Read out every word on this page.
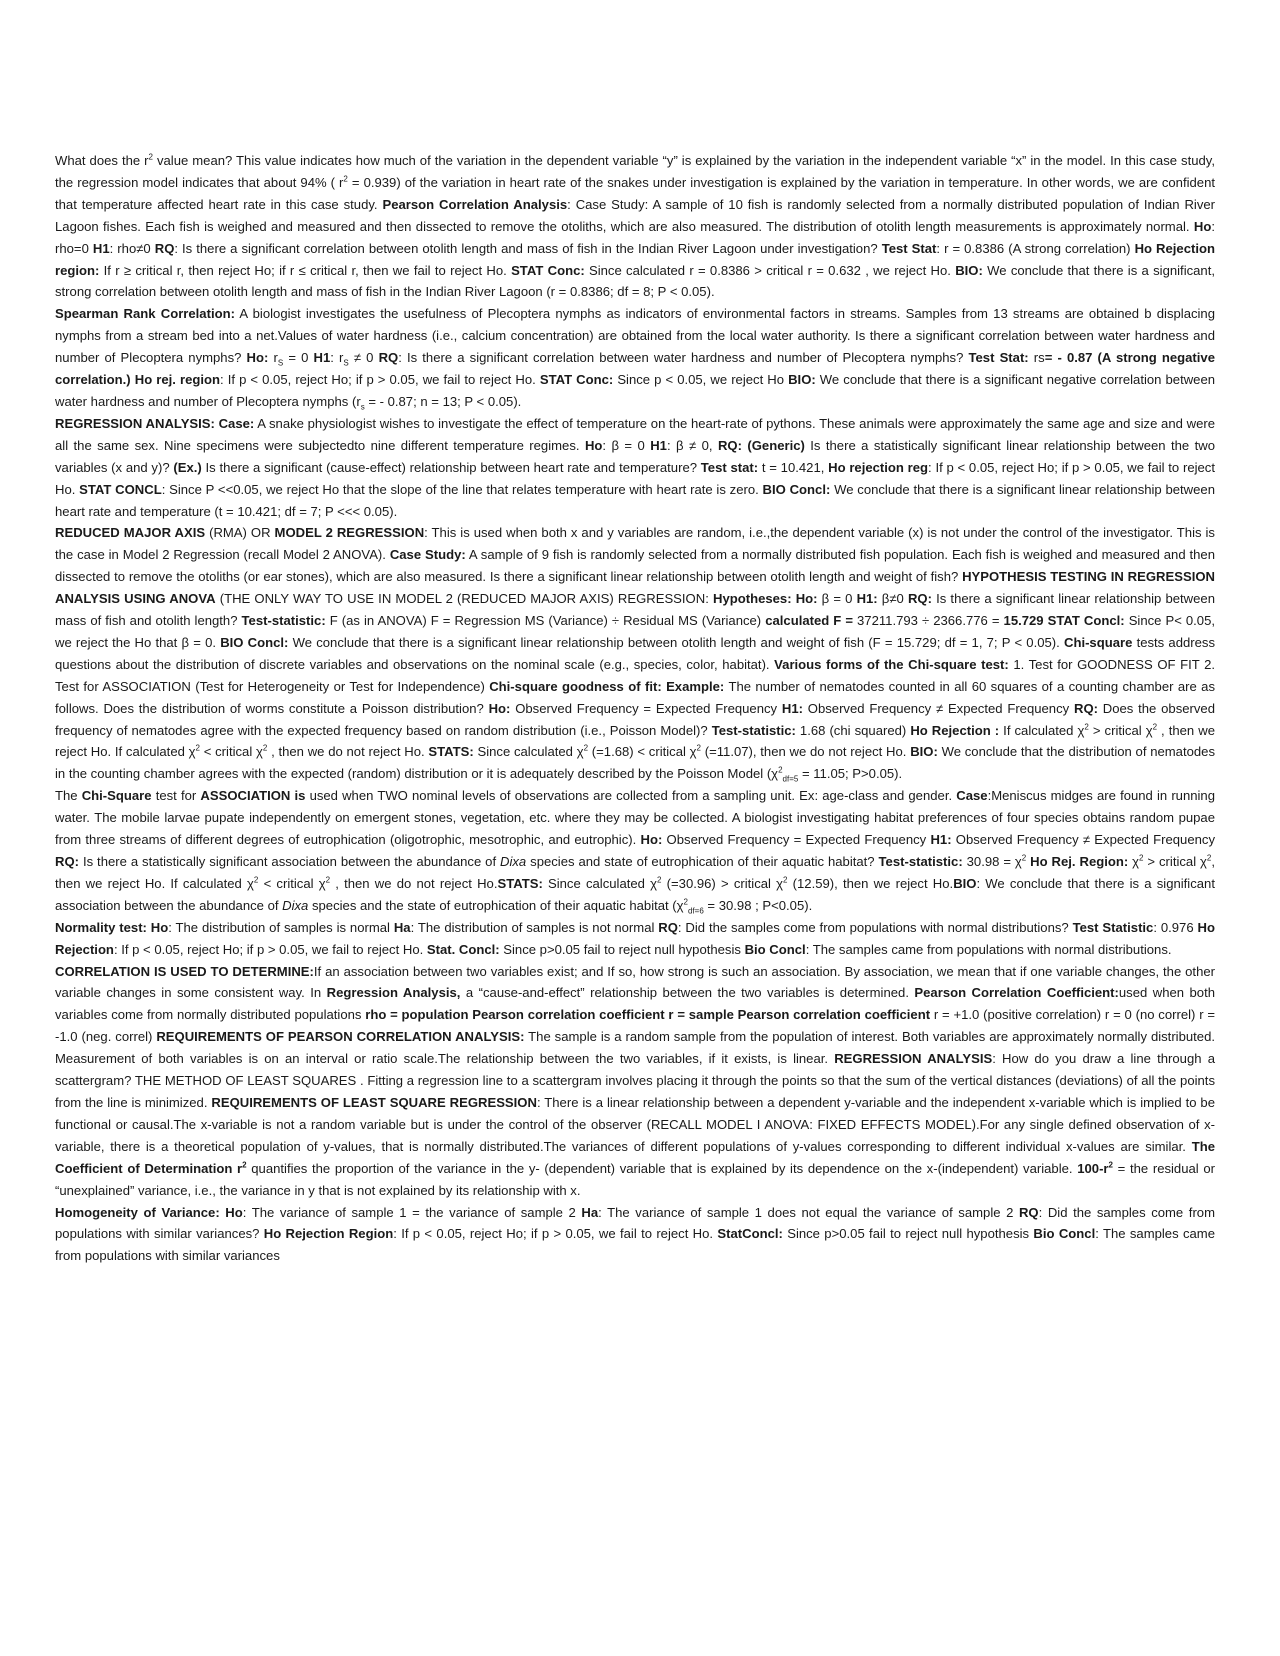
What does the $r^2$ value mean? This value indicates how much of the variation in the dependent variable “y” is explained by the variation in the independent variable “x” in the model. In this case study, the regression model indicates that about 94% ( $r^2 = 0.939$) of the variation in heart rate of the snakes under investigation is explained by the variation in temperature. In other words, we are confident that temperature affected heart rate in this case study. Pearson Correlation Analysis: Case Study: A sample of 10 fish is randomly selected from a normally distributed population of Indian River Lagoon fishes. Each fish is weighed and measured and then dissected to remove the otoliths, which are also measured. The distribution of otolith length measurements is approximately normal. Ho: rho=0 H1: rho≠0 RQ: Is there a significant correlation between otolith length and mass of fish in the Indian River Lagoon under investigation? Test Stat: r = 0.8386 (A strong correlation) Ho Rejection region: If r ≥ critical r, then reject Ho; if r ≤ critical r, then we fail to reject Ho. STAT Conc: Since calculated r = 0.8386 > critical r = 0.632 , we reject Ho. BIO: We conclude that there is a significant, strong correlation between otolith length and mass of fish in the Indian River Lagoon (r = 0.8386; df = 8; P < 0.05).

Spearman Rank Correlation: A biologist investigates the usefulness of Plecoptera nymphs as indicators of environmental factors in streams. Samples from 13 streams are obtained b displacing nymphs from a stream bed into a net.Values of water hardness (i.e., calcium concentration) are obtained from the local water authority. Is there a significant correlation between water hardness and number of Plecoptera nymphs? Ho: $r_S = 0$ H1: $r_S \ne 0$ RQ: Is there a significant correlation between water hardness and number of Plecoptera nymphs? Test Stat: rs= - 0.87 (A strong negative correlation.) Ho rej. region: If p < 0.05, reject Ho; if p > 0.05, we fail to reject Ho. STAT Conc: Since p < 0.05, we reject Ho BIO: We conclude that there is a significant negative correlation between water hardness and number of Plecoptera nymphs ($r_s$ = - 0.87; n = 13; P < 0.05).

REGRESSION ANALYSIS: Case: A snake physiologist wishes to investigate the effect of temperature on the heart-rate of pythons. These animals were approximately the same age and size and were all the same sex. Nine specimens were subjectedto nine different temperature regimes. Ho: β = 0 H1: β ≠ 0, RQ: (Generic) Is there a statistically significant linear relationship between the two variables (x and y)? (Ex.) Is there a significant (cause-effect) relationship between heart rate and temperature? Test stat: t = 10.421, Ho rejection reg: If p < 0.05, reject Ho; if p > 0.05, we fail to reject Ho. STAT CONCL: Since P <<0.05, we reject Ho that the slope of the line that relates temperature with heart rate is zero. BIO Concl: We conclude that there is a significant linear relationship between heart rate and temperature (t = 10.421; df = 7; P <<< 0.05).

REDUCED MAJOR AXIS (RMA) OR MODEL 2 REGRESSION: This is used when both x and y variables are random, i.e.,the dependent variable (x) is not under the control of the investigator. This is the case in Model 2 Regression (recall Model 2 ANOVA). Case Study: A sample of 9 fish is randomly selected from a normally distributed fish population. Each fish is weighed and measured and then dissected to remove the otoliths (or ear stones), which are also measured. Is there a significant linear relationship between otolith length and weight of fish? HYPOTHESIS TESTING IN REGRESSION ANALYSIS USING ANOVA (THE ONLY WAY TO USE IN MODEL 2 (REDUCED MAJOR AXIS) REGRESSION: Hypotheses: Ho: β = 0 H1: β≠0 RQ: Is there a significant linear relationship between mass of fish and otolith length? Test-statistic: F (as in ANOVA) F = Regression MS (Variance) ÷ Residual MS (Variance) calculated F = 37211.793 ÷ 2366.776 = 15.729 STAT Concl: Since P< 0.05, we reject the Ho that β = 0. BIO Concl: We conclude that there is a significant linear relationship between otolith length and weight of fish (F = 15.729; df = 1, 7; P < 0.05). Chi-square tests address questions about the distribution of discrete variables and observations on the nominal scale (e.g., species, color, habitat). Various forms of the Chi-square test: 1. Test for GOODNESS OF FIT 2. Test for ASSOCIATION (Test for Heterogeneity or Test for Independence) Chi-square goodness of fit: Example: The number of nematodes counted in all 60 squares of a counting chamber are as follows. Does the distribution of worms constitute a Poisson distribution? Ho: Observed Frequency = Expected Frequency H1: Observed Frequency ≠ Expected Frequency RQ: Does the observed frequency of nematodes agree with the expected frequency based on random distribution (i.e., Poisson Model)? Test-statistic: 1.68 (chi squared) Ho Rejection : If calculated $\chi^2$ > critical $\chi^2$ , then we reject Ho. If calculated $\chi^2$ < critical $\chi^2$ , then we do not reject Ho. STATS: Since calculated $\chi^2$ (=1.68) < critical $\chi^2$ (=11.07), then we do not reject Ho. BIO: We conclude that the distribution of nematodes in the counting chamber agrees with the expected (random) distribution or it is adequately described by the Poisson Model ($\chi^2_{df=5} = 11.05$; P>0.05).

The Chi-Square test for ASSOCIATION is used when TWO nominal levels of observations are collected from a sampling unit. Ex: age-class and gender. Case:Meniscus midges are found in running water. The mobile larvae pupate independently on emergent stones, vegetation, etc. where they may be collected. A biologist investigating habitat preferences of four species obtains random pupae from three streams of different degrees of eutrophication (oligotrophic, mesotrophic, and eutrophic). Ho: Observed Frequency = Expected Frequency H1: Observed Frequency ≠ Expected Frequency RQ: Is there a statistically significant association between the abundance of Dixa species and state of eutrophication of their aquatic habitat? Test-statistic: $30.98 = \chi^2$ Ho Rej. Region: $\chi^2$ > critical $\chi^2$, then we reject Ho. If calculated $\chi^2$ < critical $\chi^2$ , then we do not reject Ho.STATS: Since calculated $\chi^2$ (=30.96) > critical $\chi^2$ (12.59), then we reject Ho.BIO: We conclude that there is a significant association between the abundance of Dixa species and the state of eutrophication of their aquatic habitat ($\chi^2_{df=6} = 30.98$ ; P<0.05).

Normality test: Ho: The distribution of samples is normal Ha: The distribution of samples is not normal RQ: Did the samples come from populations with normal distributions? Test Statistic: 0.976 Ho Rejection: If p < 0.05, reject Ho; if p > 0.05, we fail to reject Ho. Stat. Concl: Since p>0.05 fail to reject null hypothesis Bio Concl: The samples came from populations with normal distributions.

CORRELATION IS USED TO DETERMINE:If an association between two variables exist; and If so, how strong is such an association. By association, we mean that if one variable changes, the other variable changes in some consistent way. In Regression Analysis, a “cause-and-effect” relationship between the two variables is determined. Pearson Correlation Coefficient:used when both variables come from normally distributed populations rho = population Pearson correlation coefficient r = sample Pearson correlation coefficient r = +1.0 (positive correlation) r = 0 (no correl) r = -1.0 (neg. correl) REQUIREMENTS OF PEARSON CORRELATION ANALYSIS: The sample is a random sample from the population of interest. Both variables are approximately normally distributed. Measurement of both variables is on an interval or ratio scale.The relationship between the two variables, if it exists, is linear. REGRESSION ANALYSIS: How do you draw a line through a scattergram? THE METHOD OF LEAST SQUARES . Fitting a regression line to a scattergram involves placing it through the points so that the sum of the vertical distances (deviations) of all the points from the line is minimized. REQUIREMENTS OF LEAST SQUARE REGRESSION: There is a linear relationship between a dependent y-variable and the independent x-variable which is implied to be functional or causal.The x-variable is not a random variable but is under the control of the observer (RECALL MODEL I ANOVA: FIXED EFFECTS MODEL).For any single defined observation of x-variable, there is a theoretical population of y-values, that is normally distributed.The variances of different populations of y-values corresponding to different individual x-values are similar. The Coefficient of Determination $r^2$ quantifies the proportion of the variance in the y- (dependent) variable that is explained by its dependence on the x-(independent) variable. $100-r^2$ = the residual or “unexplained” variance, i.e., the variance in y that is not explained by its relationship with x.

Homogeneity of Variance: Ho: The variance of sample 1 = the variance of sample 2 Ha: The variance of sample 1 does not equal the variance of sample 2 RQ: Did the samples come from populations with similar variances? Ho Rejection Region: If p < 0.05, reject Ho; if p > 0.05, we fail to reject Ho. StatConcl: Since p>0.05 fail to reject null hypothesis Bio Concl: The samples came from populations with similar variances
